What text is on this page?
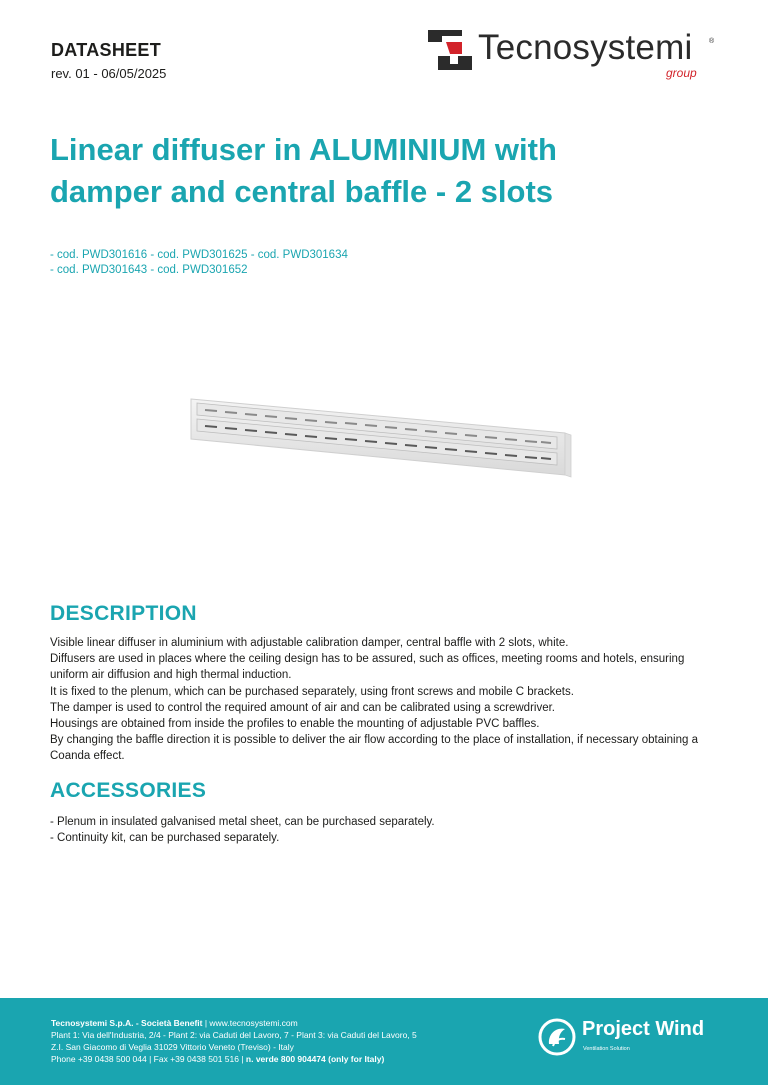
DATASHEET
rev. 01 - 06/05/2025
Tecnosystemi ®
group
Linear diffuser in ALUMINIUM with
damper and central baffle - 2 slots
- cod. PWD301616 - cod. PWD301625 - cod. PWD301634
- cod. PWD301643 - cod. PWD301652
DESCRIPTION

Visible linear diffuser in aluminium with adjustable calibration damper, central baffle with 2 slots, white.

Diffusers are used in places where the ceiling design has to be assured, such as offices, meeting rooms and hotels, ensuring uniform air diffusion and high thermal induction.

It is fixed to the plenum, which can be purchased separately, using front screws and mobile C brackets.

The damper is used to control the required amount of air and can be calibrated using a screwdriver.

Housings are obtained from inside the profiles to enable the mounting of adjustable PVC baffles.

By changing the baffle direction it is possible to deliver the air flow according to the place of installation, if necessary obtaining a Coanda effect.

ACCESSORIES

- Plenum in insulated galvanised metal sheet, can be purchased separately.

- Continuity kit, can be purchased separately.

Tecnosystemi S.p.A. - Società Benefit | www.tecnosystemi.com
Plant 1: Via dell'Industria, 2/4 - Plant 2: via Caduti del Lavoro, 7 - Plant 3: via Caduti del Lavoro, 5
Z.I. San Giacomo di Veglia 31029 Vittorio Veneto (Treviso) - Italy
Phone +39 0438 500 044 | Fax +39 0438 501 516 | n. verde 800 904474 (only for Italy)
Project Wind
Ventilation Solution
